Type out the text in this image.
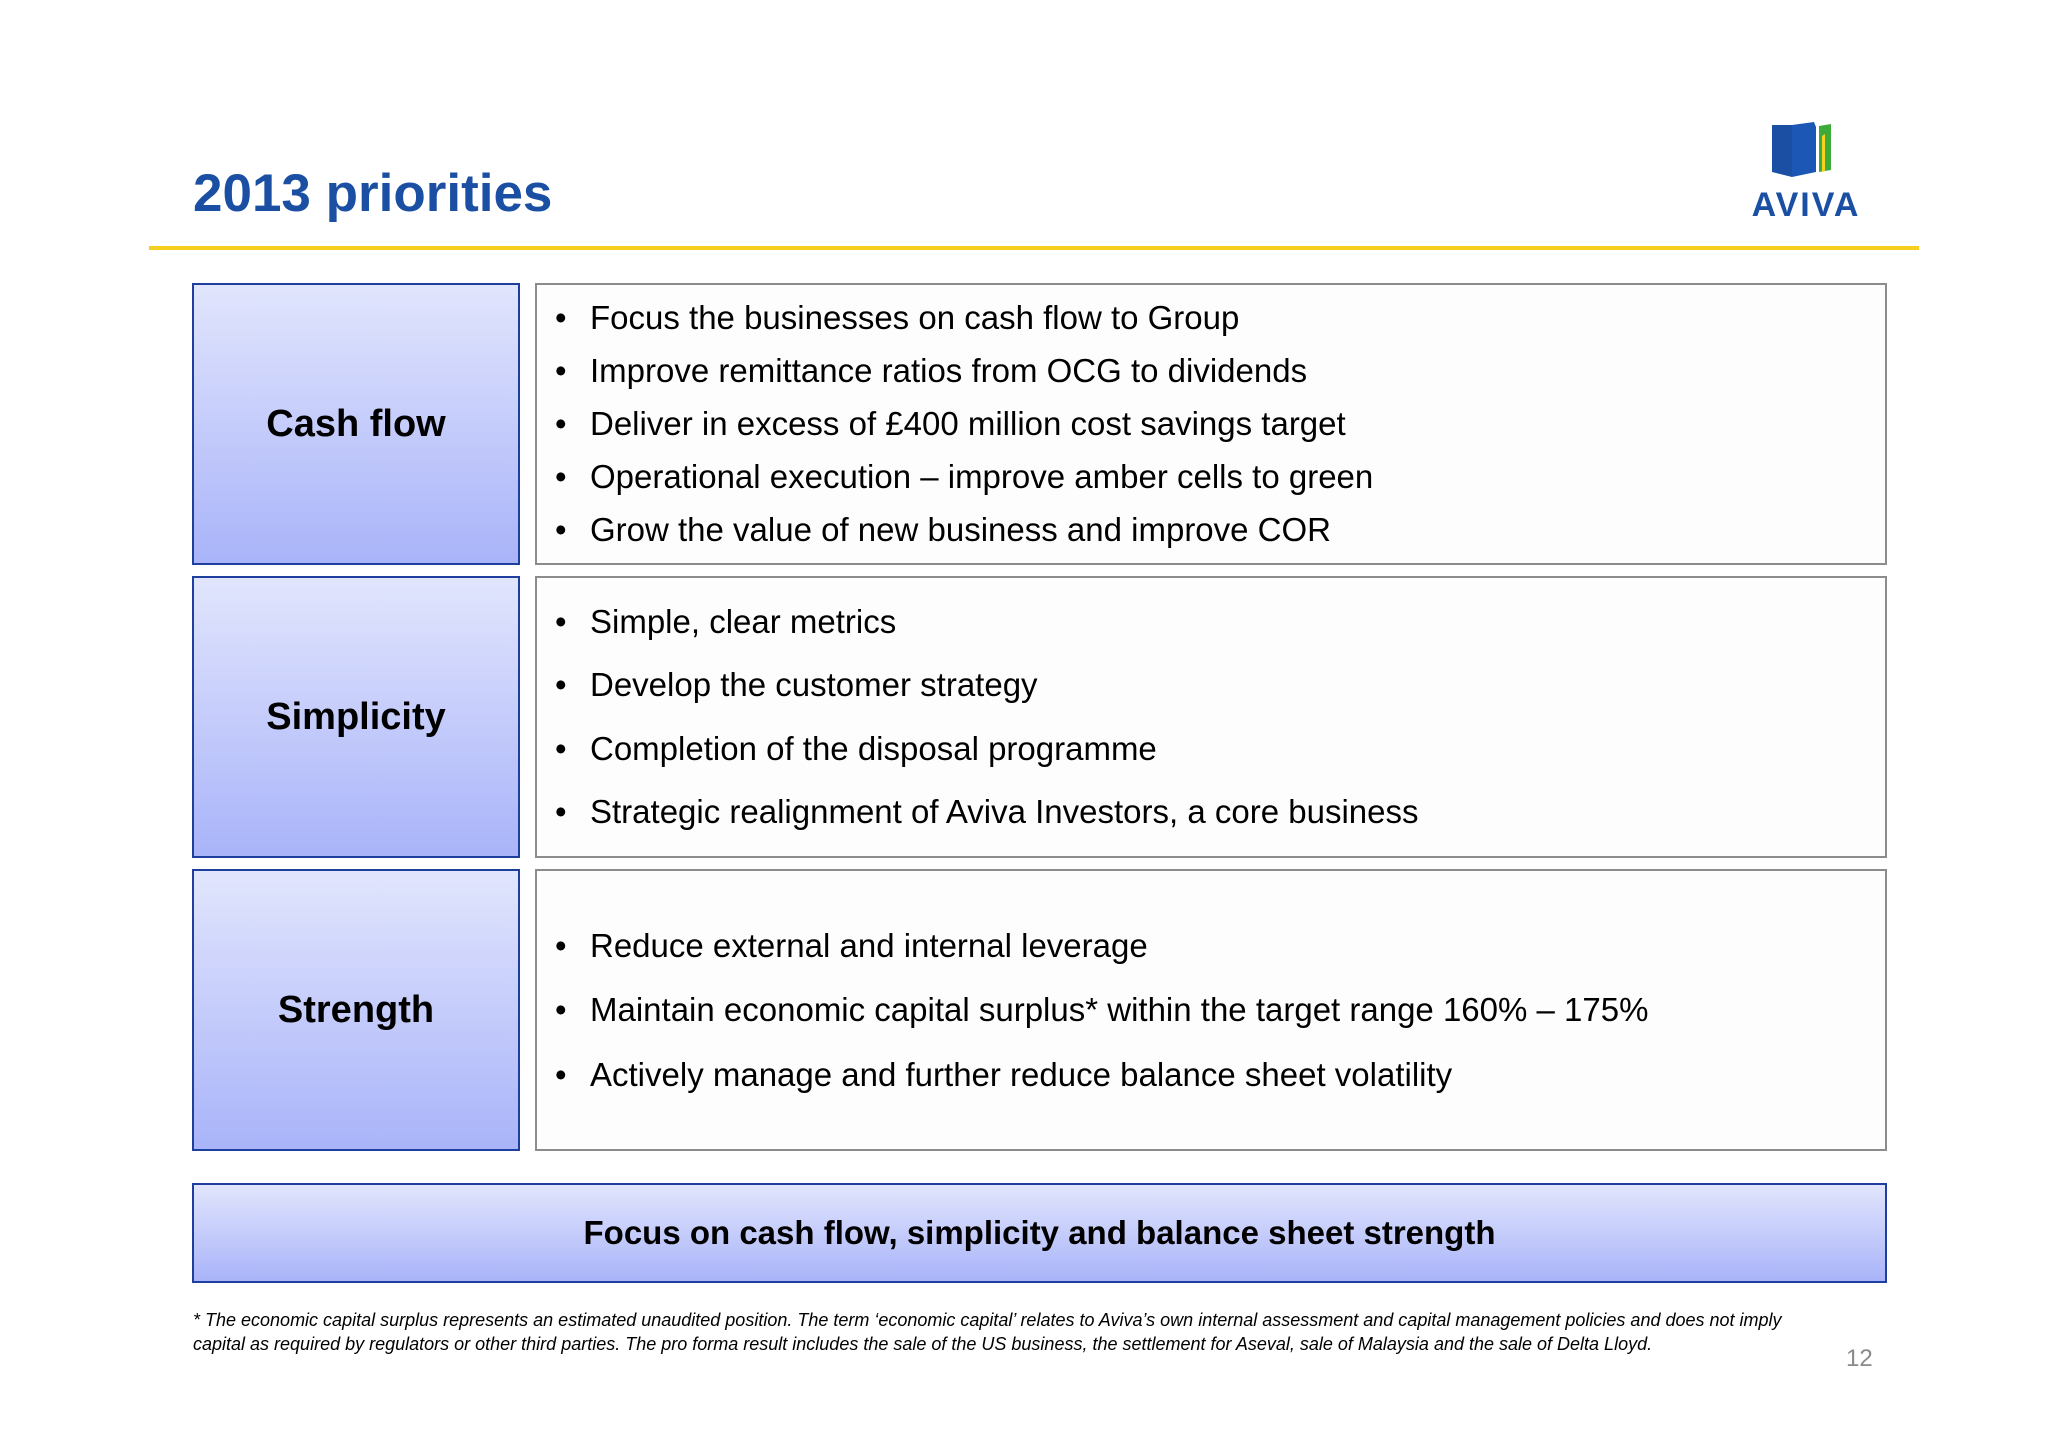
2013 priorities	AVIVA
Cash flow
• Focus the businesses on cash flow to Group
• Improve remittance ratios from OCG to dividends
• Deliver in excess of £400 million cost savings target
• Operational execution – improve amber cells to green
• Grow the value of new business and improve COR
Simplicity
• Simple, clear metrics
• Develop the customer strategy
• Completion of the disposal programme
• Strategic realignment of Aviva Investors, a core business
Strength
• Reduce external and internal leverage
• Maintain economic capital surplus* within the target range 160% – 175%
• Actively manage and further reduce balance sheet volatility
Focus on cash flow, simplicity and balance sheet strength
* The economic capital surplus represents an estimated unaudited position. The term ‘economic capital’ relates to Aviva’s own internal assessment and capital management policies and does not imply capital as required by regulators or other third parties. The pro forma result includes the sale of the US business, the settlement for Aseval, sale of Malaysia and the sale of Delta Lloyd.
12
